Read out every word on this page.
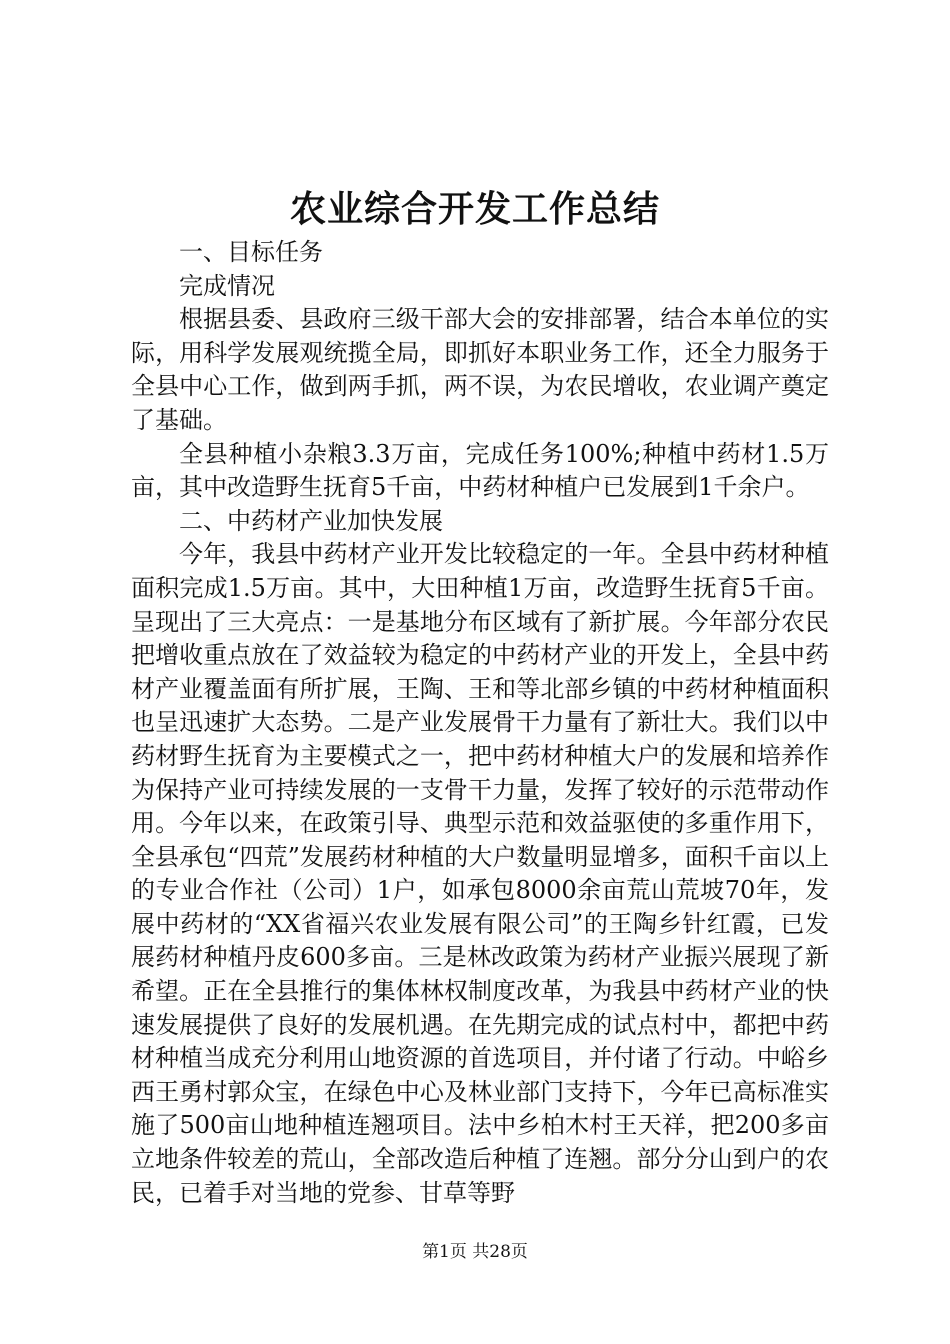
农业综合开发工作总结

一、目标任务

完成情况

根据县委、县政府三级干部大会的安排部署，结合本单位的实际，用科学发展观统揽全局，即抓好本职业务工作，还全力服务于全县中心工作，做到两手抓，两不误，为农民增收，农业调产奠定了基础。

全县种植小杂粮3.3万亩，完成任务100%;种植中药材1.5万亩，其中改造野生抚育5千亩，中药材种植户已发展到1千余户。

二、中药材产业加快发展

今年，我县中药材产业开发比较稳定的一年。全县中药材种植面积完成1.5万亩。其中，大田种植1万亩，改造野生抚育5千亩。呈现出了三大亮点：一是基地分布区域有了新扩展。今年部分农民把增收重点放在了效益较为稳定的中药材产业的开发上，全县中药材产业覆盖面有所扩展，王陶、王和等北部乡镇的中药材种植面积也呈迅速扩大态势。二是产业发展骨干力量有了新壮大。我们以中药材野生抚育为主要模式之一，把中药材种植大户的发展和培养作为保持产业可持续发展的一支骨干力量，发挥了较好的示范带动作用。今年以来，在政策引导、典型示范和效益驱使的多重作用下，全县承包“四荒”发展药材种植的大户数量明显增多，面积千亩以上的专业合作社（公司）1户，如承包8000余亩荒山荒坡70年，发展中药材的“XX省福兴农业发展有限公司”的王陶乡针红霞，已发展药材种植丹皮600多亩。三是林改政策为药材产业振兴展现了新希望。正在全县推行的集体林权制度改革，为我县中药材产业的快速发展提供了良好的发展机遇。在先期完成的试点村中，都把中药材种植当成充分利用山地资源的首选项目，并付诸了行动。中峪乡西王勇村郭众宝，在绿色中心及林业部门支持下，今年已高标准实施了500亩山地种植连翘项目。法中乡柏木村王天祥，把200多亩立地条件较差的荒山，全部改造后种植了连翘。部分分山到户的农民，已着手对当地的党参、甘草等野

第1页 共28页
